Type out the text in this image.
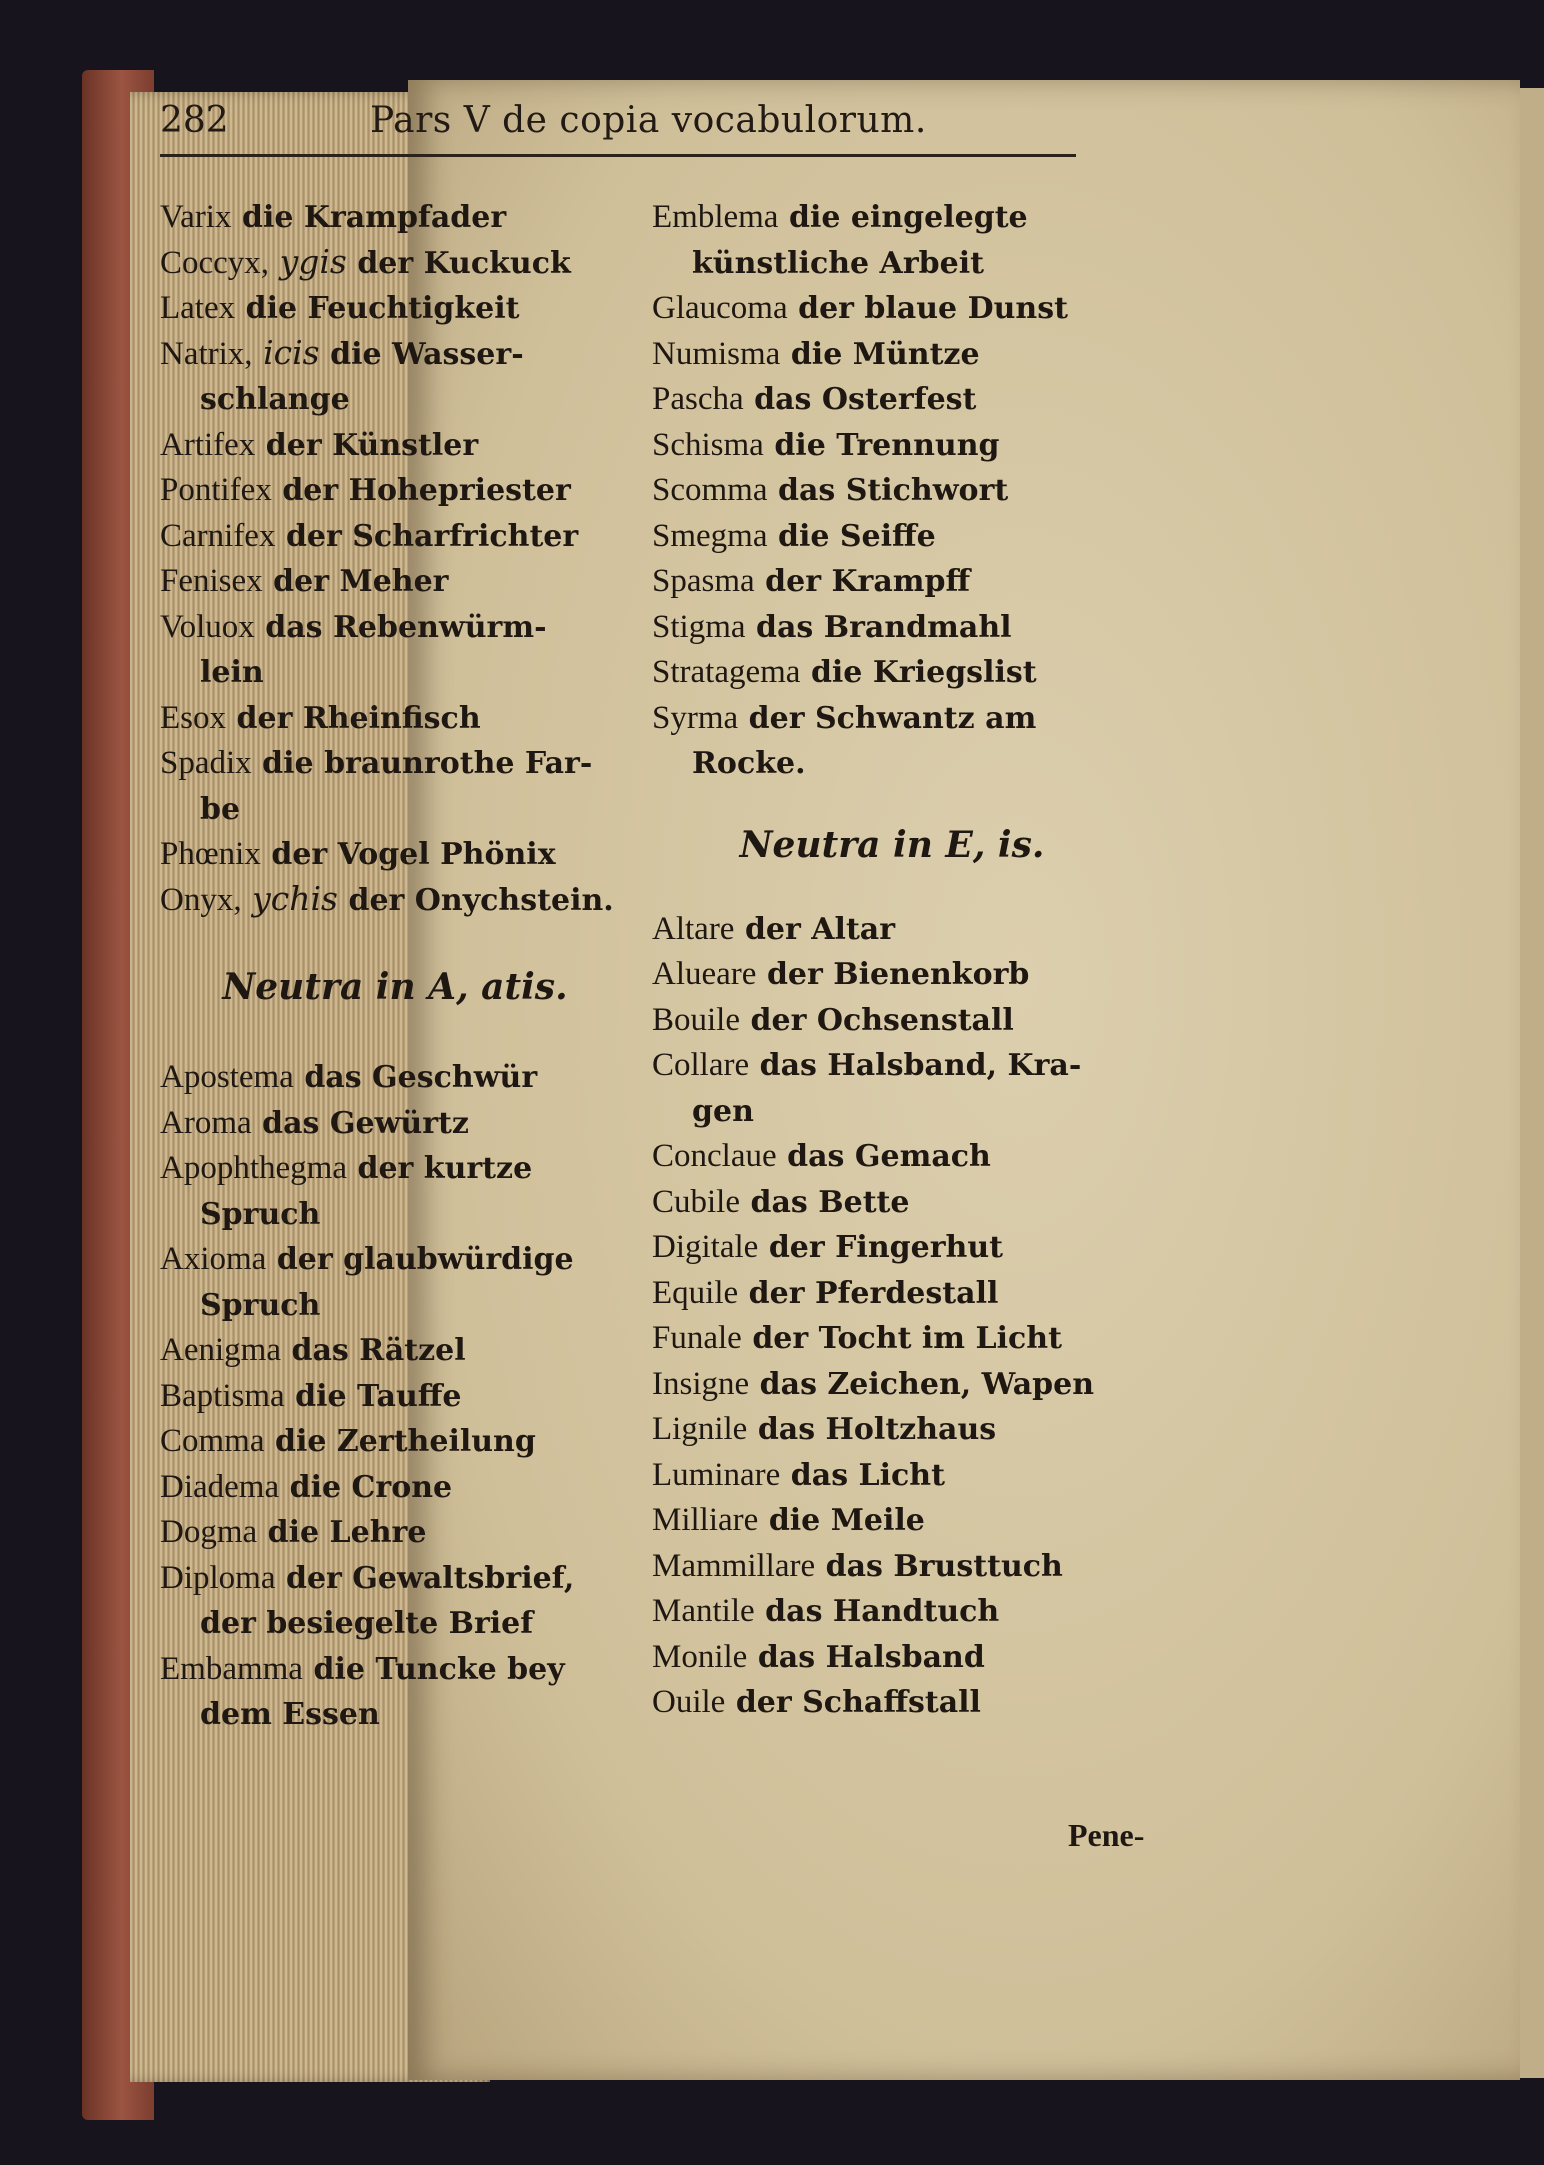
282	Pars V de copia vocabulorum.
Varix die Krampfader
Coccyx, ygis der Kuckuck
Latex die Feuchtigkeit
Natrix, icis die Wasser-
schlange
Artifex der Künstler
Pontifex der Hohepriester
Carnifex der Scharfrichter
Fenisex der Meher
Voluox das Rebenwürm-
lein
Esox der Rheinfisch
Spadix die braunrothe Far-
be
Phœnix der Vogel Phönix
Onyx, ychis der Onychstein.
Neutra in A, atis.
Apostema das Geschwür
Aroma das Gewürtz
Apophthegma der kurtze
Spruch
Axioma der glaubwürdige
Spruch
Aenigma das Rätzel
Baptisma die Tauffe
Comma die Zertheilung
Diadema die Crone
Dogma die Lehre
Diploma der Gewaltsbrief,
der besiegelte Brief
Embamma die Tuncke bey
dem Essen
Emblema die eingelegte
künstliche Arbeit
Glaucoma der blaue Dunst
Numisma die Müntze
Pascha das Osterfest
Schisma die Trennung
Scomma das Stichwort
Smegma die Seiffe
Spasma der Krampff
Stigma das Brandmahl
Stratagema die Kriegslist
Syrma der Schwantz am
Rocke.
Neutra in E, is.
Altare der Altar
Alueare der Bienenkorb
Bouile der Ochsenstall
Collare das Halsband, Kra-
gen
Conclaue das Gemach
Cubile das Bette
Digitale der Fingerhut
Equile der Pferdestall
Funale der Tocht im Licht
Insigne das Zeichen, Wapen
Lignile das Holtzhaus
Luminare das Licht
Milliare die Meile
Mammillare das Brusttuch
Mantile das Handtuch
Monile das Halsband
Ouile der Schaffstall
Pene-
